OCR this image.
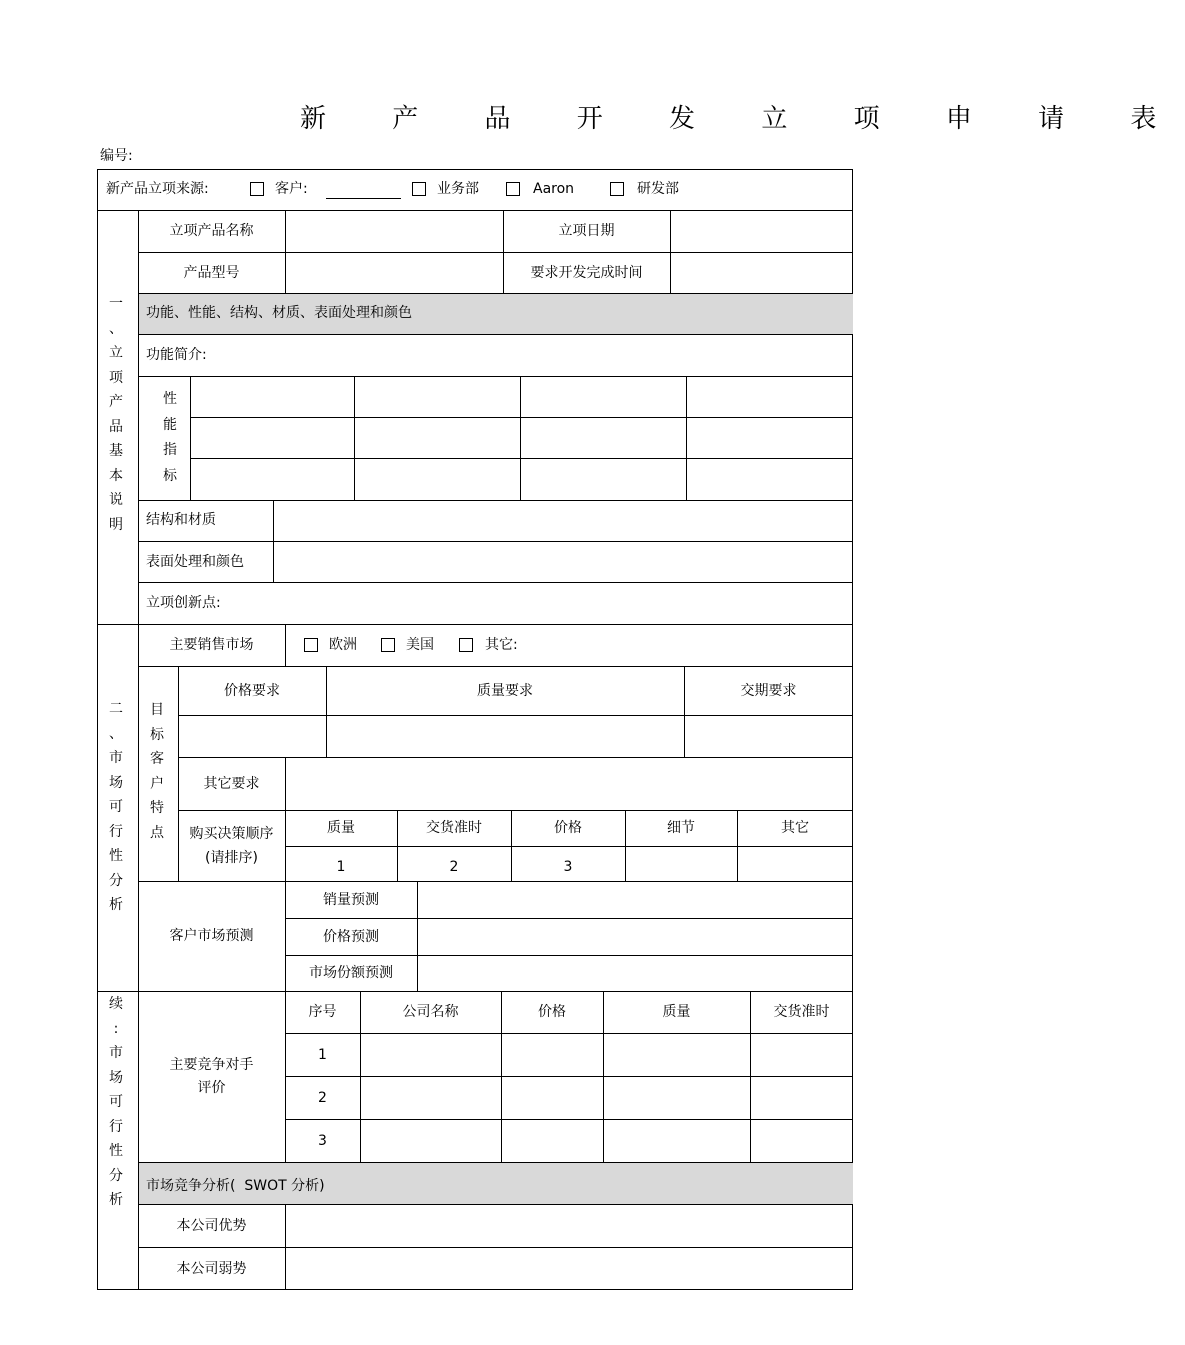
新 产 品 开 发 立 项 申 请 表
编号:
新产品立项来源:	客户:	业务部	Aaron	研发部
一
、
立
项
产
品
基
本
说
明
立项产品名称	立项日期
产品型号	要求开发完成时间
功能、性能、结构、材质、表面处理和颜色
功能简介:
性
能
指
标
结构和材质
表面处理和颜色
立项创新点:
二
、
市
场
可
行
性
分
析
主要销售市场	欧洲	美国	其它:
目
标
客
户
特
点
价格要求	质量要求	交期要求
其它要求
购买决策顺序
(请排序)
质量	交货准时	价格	细节	其它
1	2	3
客户市场预测
销量预测
价格预测
市场份额预测
续
:
市
场
可
行
性
分
析
主要竞争对手
评价
序号	公司名称	价格	质量	交货准时
1
2
3
市场竞争分析(  SWOT 分析)
本公司优势
本公司弱势
